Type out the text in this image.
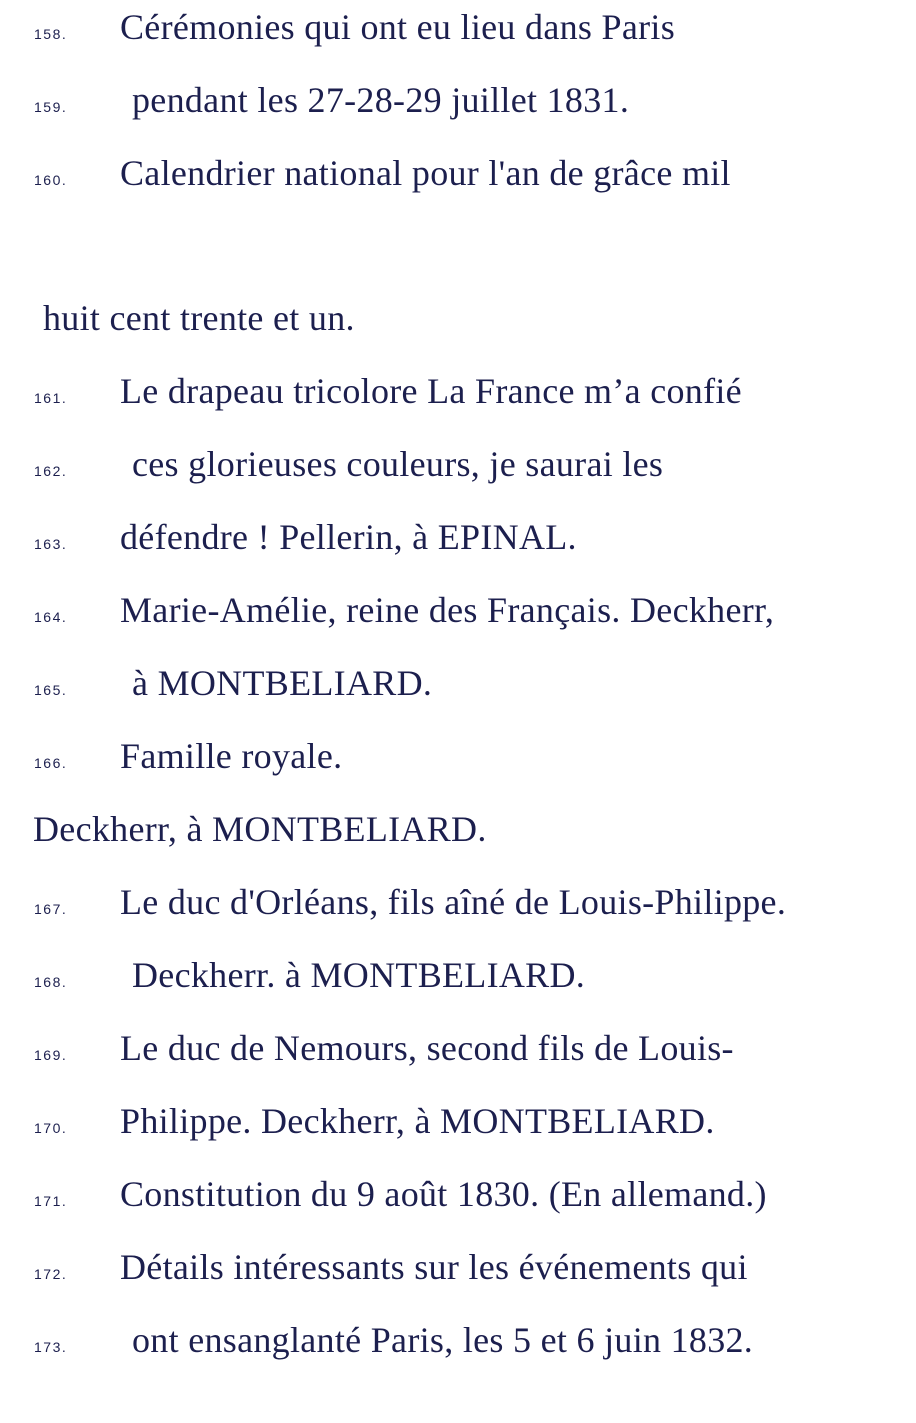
158. Cérémonies qui ont eu lieu dans Paris
159. pendant les 27-28-29 juillet 1831.
160. Calendrier national pour l'an de grâce mil
huit cent trente et un.
161. Le drapeau tricolore La France m’a confié
162. ces glorieuses couleurs, je saurai les
163. défendre ! Pellerin, à EPINAL.
164. Marie-Amélie, reine des Français. Deckherr,
165. à MONTBELIARD.
166. Famille royale.
Deckherr, à MONTBELIARD.
167. Le duc d'Orléans, fils aîné de Louis-Philippe.
168. Deckherr. à MONTBELIARD.
169. Le duc de Nemours, second fils de Louis-
170. Philippe. Deckherr, à MONTBELIARD.
171. Constitution du 9 août 1830. (En allemand.)
172. Détails intéressants sur les événements qui
173. ont ensanglanté Paris, les 5 et 6 juin 1832.
